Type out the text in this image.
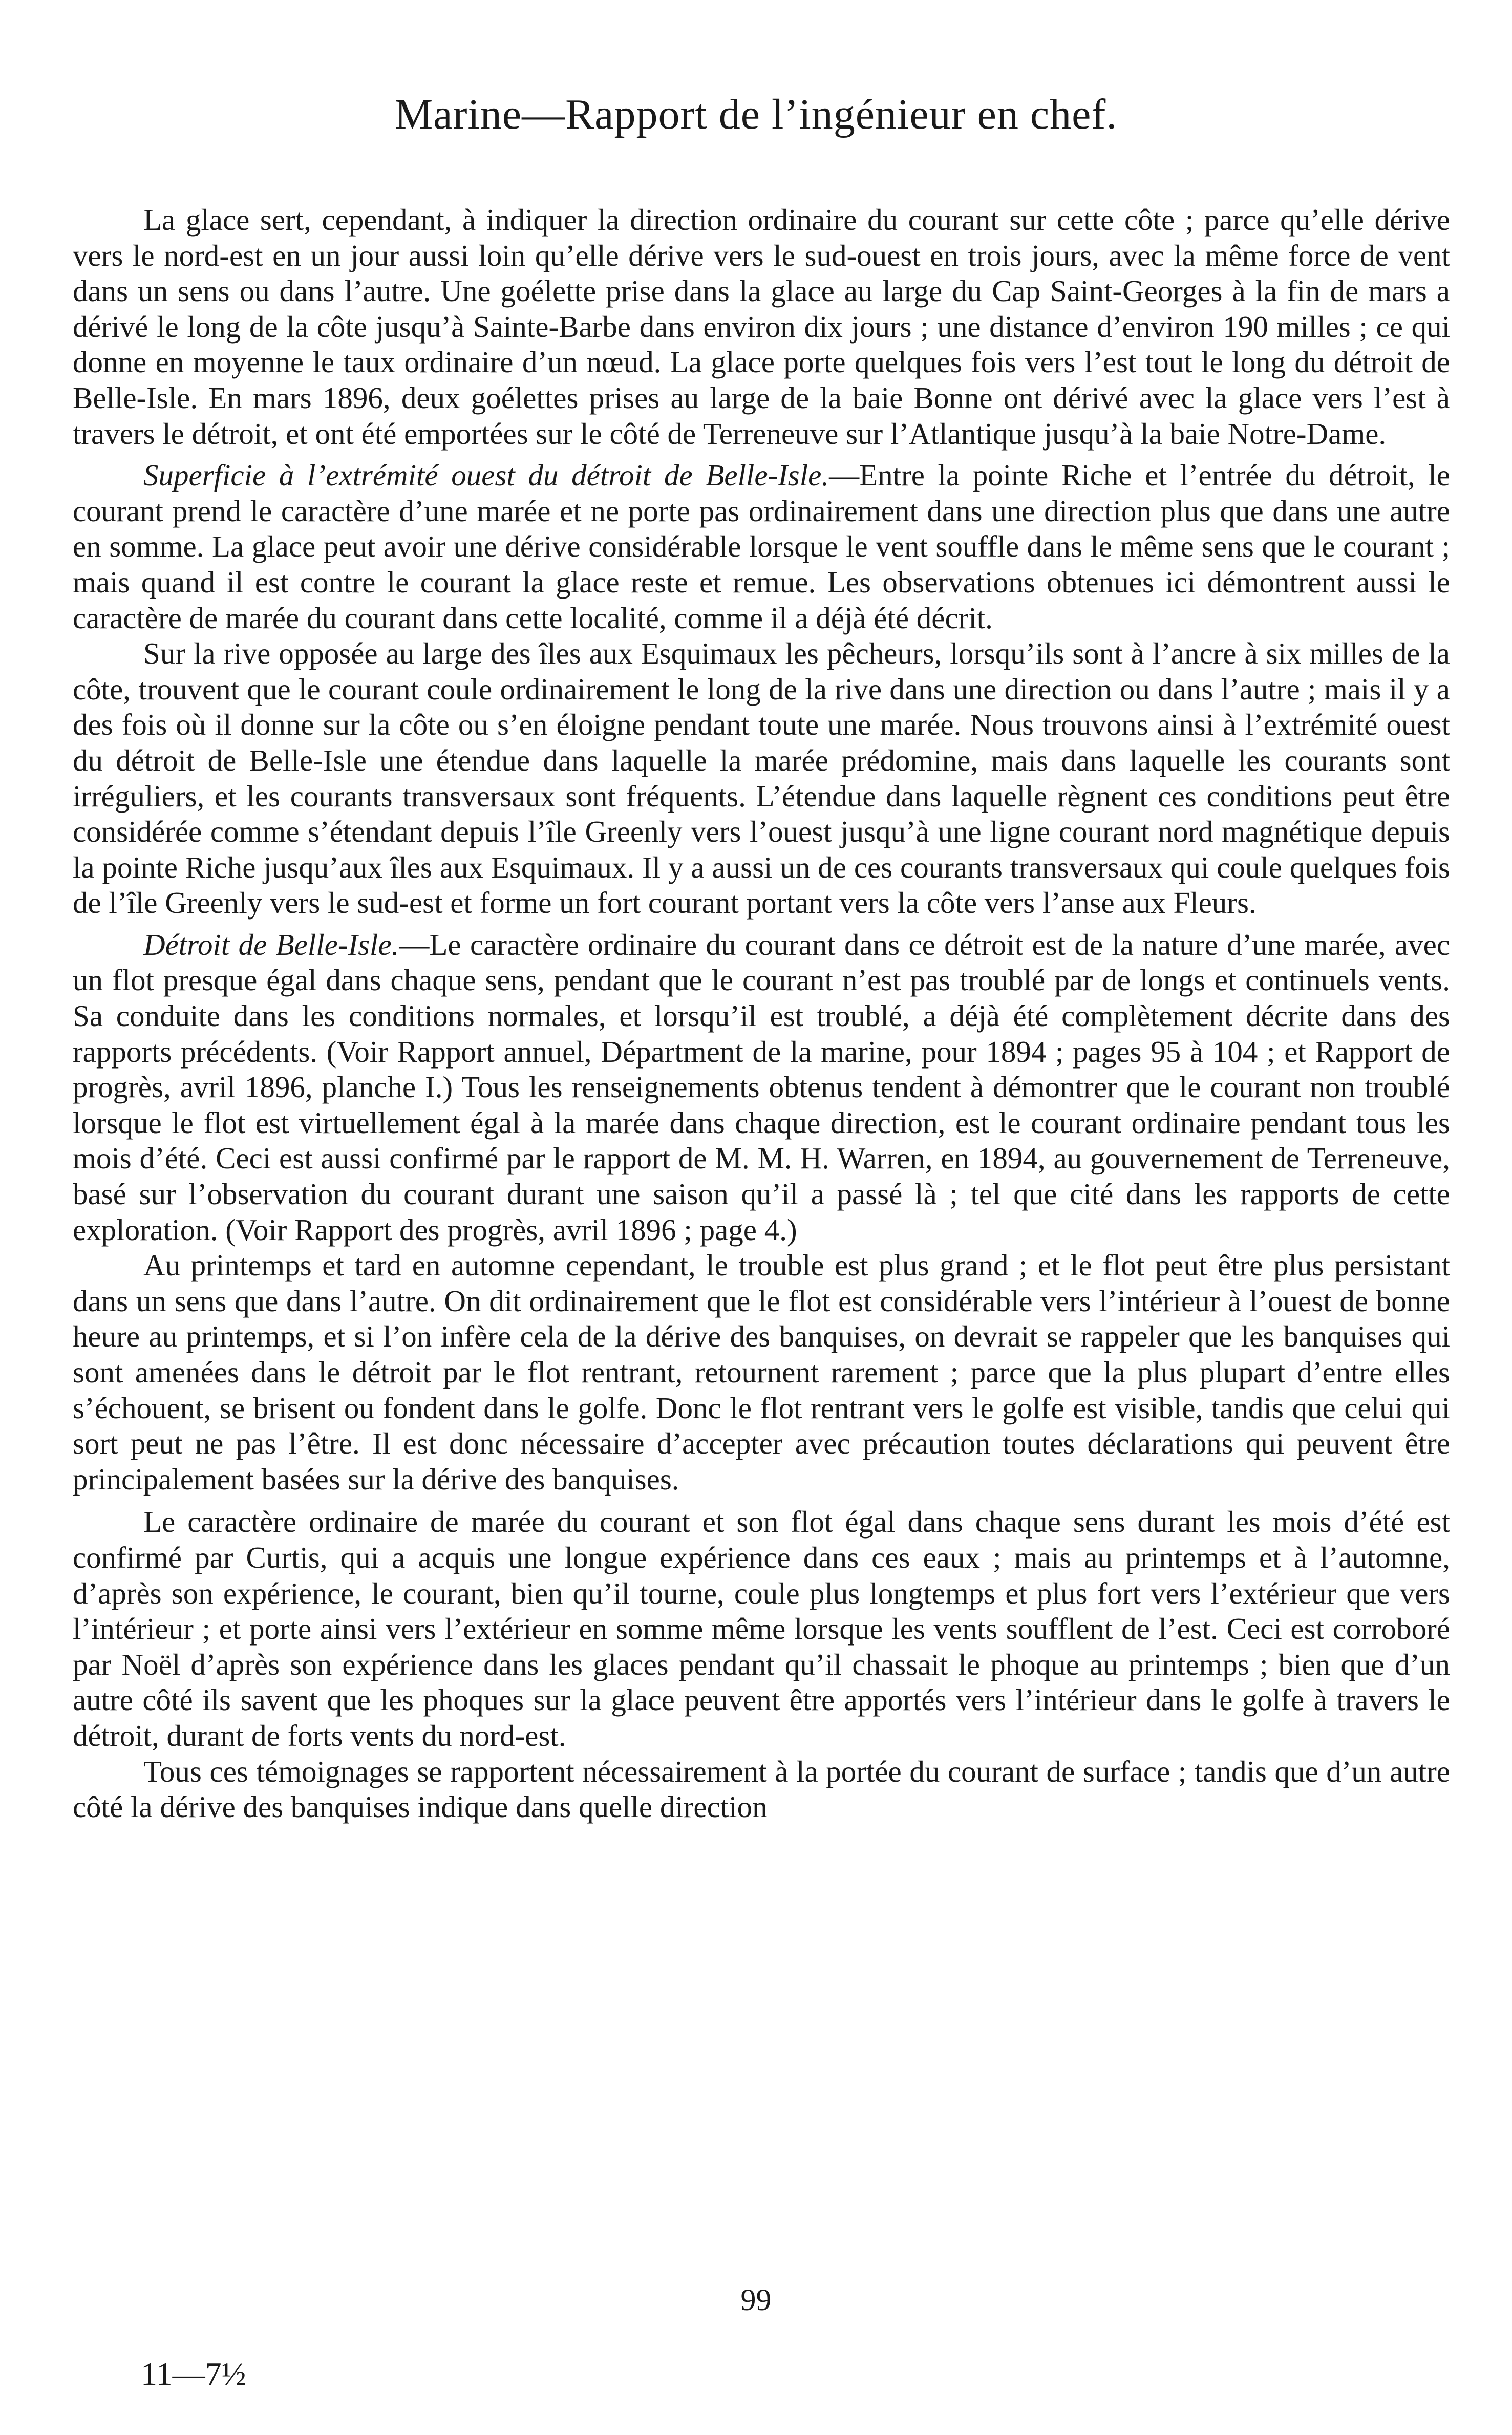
Marine—Rapport de l’ingénieur en chef.

La glace sert, cependant, à indiquer la direction ordinaire du courant sur cette côte ; parce qu’elle dérive vers le nord-est en un jour aussi loin qu’elle dérive vers le sud-ouest en trois jours, avec la même force de vent dans un sens ou dans l’autre. Une goélette prise dans la glace au large du Cap Saint-Georges à la fin de mars a dérivé le long de la côte jusqu’à Sainte-Barbe dans environ dix jours ; une distance d’environ 190 milles ; ce qui donne en moyenne le taux ordinaire d’un nœud. La glace porte quelques fois vers l’est tout le long du détroit de Belle-Isle. En mars 1896, deux goélettes prises au large de la baie Bonne ont dérivé avec la glace vers l’est à travers le détroit, et ont été emportées sur le côté de Terreneuve sur l’Atlantique jusqu’à la baie Notre-Dame.

Superficie à l’extrémité ouest du détroit de Belle-Isle.—Entre la pointe Riche et l’entrée du détroit, le courant prend le caractère d’une marée et ne porte pas ordinairement dans une direction plus que dans une autre en somme. La glace peut avoir une dérive considérable lorsque le vent souffle dans le même sens que le courant ; mais quand il est contre le courant la glace reste et remue. Les observations obtenues ici démontrent aussi le caractère de marée du courant dans cette localité, comme il a déjà été décrit.

Sur la rive opposée au large des îles aux Esquimaux les pêcheurs, lorsqu’ils sont à l’ancre à six milles de la côte, trouvent que le courant coule ordinairement le long de la rive dans une direction ou dans l’autre ; mais il y a des fois où il donne sur la côte ou s’en éloigne pendant toute une marée. Nous trouvons ainsi à l’extrémité ouest du détroit de Belle-Isle une étendue dans laquelle la marée prédomine, mais dans laquelle les courants sont irréguliers, et les courants transversaux sont fréquents. L’étendue dans laquelle règnent ces conditions peut être considérée comme s’étendant depuis l’île Greenly vers l’ouest jusqu’à une ligne courant nord magnétique depuis la pointe Riche jusqu’aux îles aux Esquimaux. Il y a aussi un de ces courants transversaux qui coule quelques fois de l’île Greenly vers le sud-est et forme un fort courant portant vers la côte vers l’anse aux Fleurs.

Détroit de Belle-Isle.—Le caractère ordinaire du courant dans ce détroit est de la nature d’une marée, avec un flot presque égal dans chaque sens, pendant que le courant n’est pas troublé par de longs et continuels vents. Sa conduite dans les conditions normales, et lorsqu’il est troublé, a déjà été complètement décrite dans des rapports précédents. (Voir Rapport annuel, Départment de la marine, pour 1894 ; pages 95 à 104 ; et Rapport de progrès, avril 1896, planche I.) Tous les renseignements obtenus tendent à démontrer que le courant non troublé lorsque le flot est virtuellement égal à la marée dans chaque direction, est le courant ordinaire pendant tous les mois d’été. Ceci est aussi confirmé par le rapport de M. M. H. Warren, en 1894, au gouvernement de Terreneuve, basé sur l’observation du courant durant une saison qu’il a passé là ; tel que cité dans les rapports de cette exploration. (Voir Rapport des progrès, avril 1896 ; page 4.)

Au printemps et tard en automne cependant, le trouble est plus grand ; et le flot peut être plus persistant dans un sens que dans l’autre. On dit ordinairement que le flot est considérable vers l’intérieur à l’ouest de bonne heure au printemps, et si l’on infère cela de la dérive des banquises, on devrait se rappeler que les banquises qui sont amenées dans le détroit par le flot rentrant, retournent rarement ; parce que la plus plupart d’entre elles s’échouent, se brisent ou fondent dans le golfe. Donc le flot rentrant vers le golfe est visible, tandis que celui qui sort peut ne pas l’être. Il est donc nécessaire d’accepter avec précaution toutes déclarations qui peuvent être principalement basées sur la dérive des banquises.

Le caractère ordinaire de marée du courant et son flot égal dans chaque sens durant les mois d’été est confirmé par Curtis, qui a acquis une longue expérience dans ces eaux ; mais au printemps et à l’automne, d’après son expérience, le courant, bien qu’il tourne, coule plus longtemps et plus fort vers l’extérieur que vers l’intérieur ; et porte ainsi vers l’extérieur en somme même lorsque les vents soufflent de l’est. Ceci est corroboré par Noël d’après son expérience dans les glaces pendant qu’il chassait le phoque au printemps ; bien que d’un autre côté ils savent que les phoques sur la glace peuvent être apportés vers l’intérieur dans le golfe à travers le détroit, durant de forts vents du nord-est.

Tous ces témoignages se rapportent nécessairement à la portée du courant de surface ; tandis que d’un autre côté la dérive des banquises indique dans quelle direction

99
11—7½
